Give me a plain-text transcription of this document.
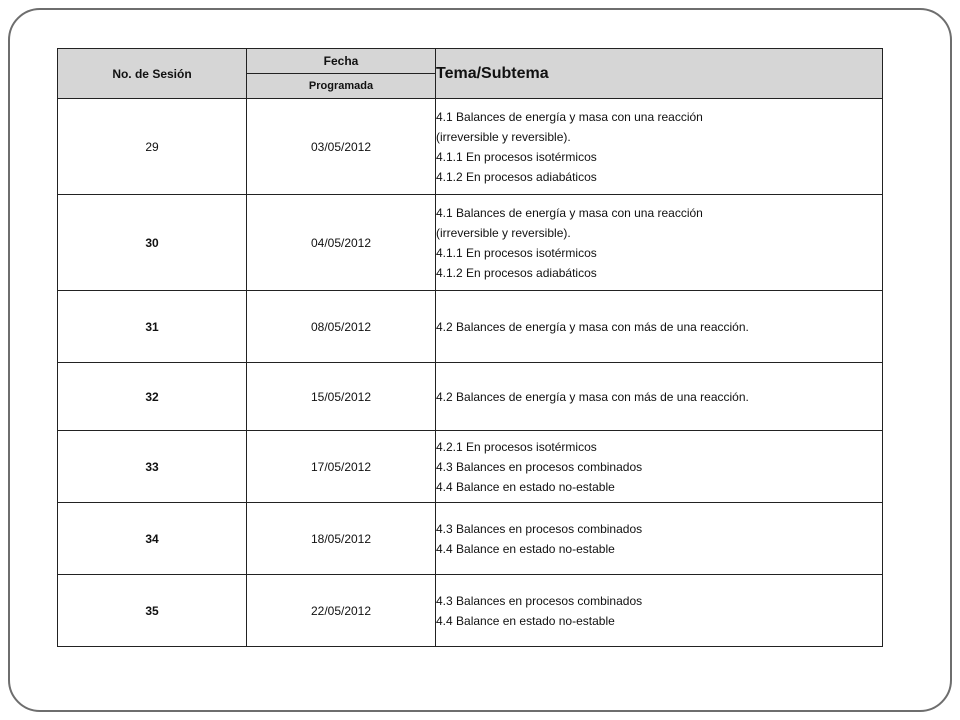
No. de Sesión	Fecha	Tema/Subtema
	Programada	
29	03/05/2012	4.1 Balances de energía y masa con una reacción
(irreversible y reversible).
4.1.1 En procesos isotérmicos
4.1.2 En procesos adiabáticos

30	04/05/2012	4.1 Balances de energía y masa con una reacción
(irreversible y reversible).
4.1.1 En procesos isotérmicos
4.1.2 En procesos adiabáticos

31	08/05/2012	4.2 Balances de energía y masa con más de una reacción.

32	15/05/2012	4.2 Balances de energía y masa con más de una reacción.

33	17/05/2012	4.2.1 En procesos isotérmicos
4.3 Balances en procesos combinados
4.4 Balance en estado no-estable

34	18/05/2012	4.3 Balances en procesos combinados
4.4 Balance en estado no-estable

35	22/05/2012	4.3 Balances en procesos combinados
4.4 Balance en estado no-estable
